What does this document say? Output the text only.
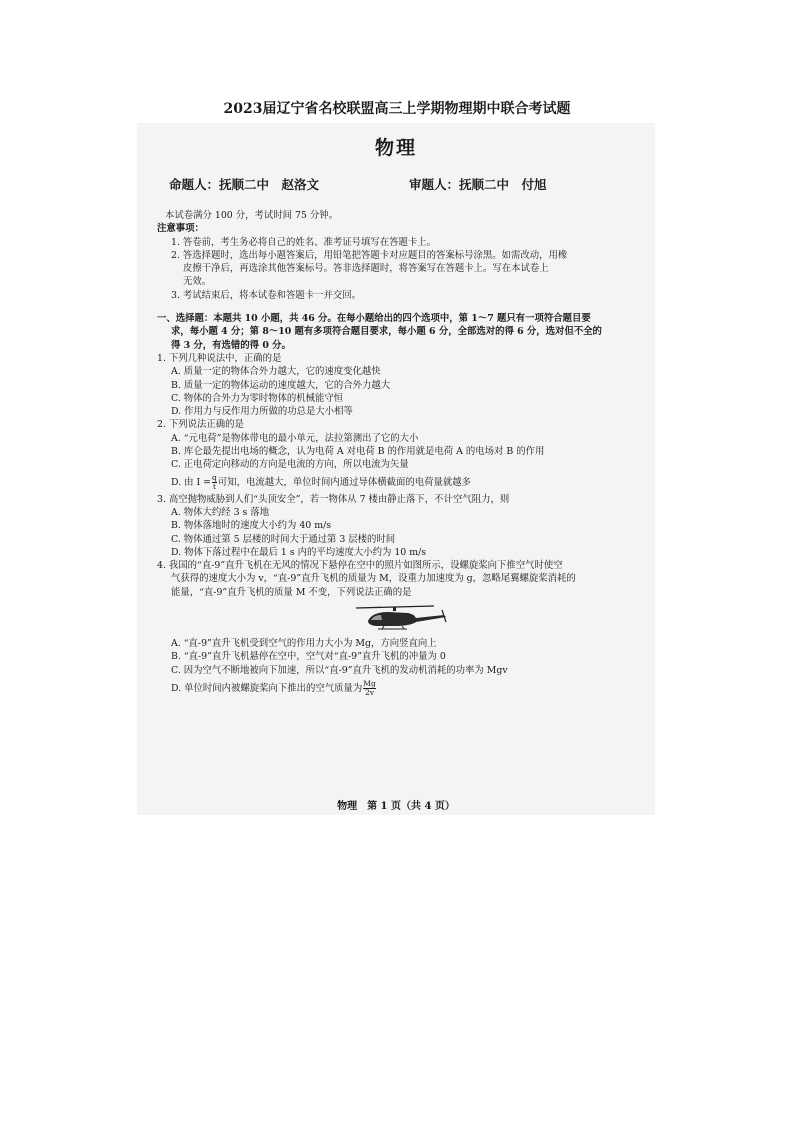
2023届辽宁省名校联盟高三上学期物理期中联合考试题
物理
命题人：抚顺二中　赵洛文	审题人：抚顺二中　付旭

本试卷满分 100 分，考试时间 75 分钟。

注意事项：

1. 答卷前，考生务必将自己的姓名、准考证号填写在答题卡上。

2. 答选择题时，选出每小题答案后，用铅笔把答题卡对应题目的答案标号涂黑。如需改动，用橡

皮擦干净后，再选涂其他答案标号。答非选择题时，将答案写在答题卡上。写在本试卷上

无效。

3. 考试结束后，将本试卷和答题卡一并交回。

一、选择题：本题共 10 小题，共 46 分。在每小题给出的四个选项中，第 1～7 题只有一项符合题目要

求，每小题 4 分；第 8～10 题有多项符合题目要求，每小题 6 分，全部选对的得 6 分，选对但不全的

得 3 分，有选错的得 0 分。

1. 下列几种说法中，正确的是

A. 质量一定的物体合外力越大，它的速度变化越快

B. 质量一定的物体运动的速度越大，它的合外力越大

C. 物体的合外力为零时物体的机械能守恒

D. 作用力与反作用力所做的功总是大小相等

2. 下列说法正确的是

A. “元电荷”是物体带电的最小单元，法拉第测出了它的大小

B. 库仑最先提出电场的概念，认为电荷 A 对电荷 B 的作用就是电荷 A 的电场对 B 的作用

C. 正电荷定向移动的方向是电流的方向，所以电流为矢量

D. 由 $I = \frac{q}{t}$ 可知，电流越大，单位时间内通过导体横截面的电荷量就越多

3. 高空抛物威胁到人们“头顶安全”，若一物体从 7 楼由静止落下，不计空气阻力，则

A. 物体大约经 3 s 落地

B. 物体落地时的速度大小约为 40 m/s

C. 物体通过第 5 层楼的时间大于通过第 3 层楼的时间

D. 物体下落过程中在最后 1 s 内的平均速度大小约为 10 m/s

4. 我国的“直-9”直升飞机在无风的情况下悬停在空中的照片如图所示，设螺旋桨向下推空气时使空

气获得的速度大小为 v，“直-9”直升飞机的质量为 M，设重力加速度为 g，忽略尾翼螺旋桨消耗的

能量，“直-9”直升飞机的质量 M 不变，下列说法正确的是

A. “直-9”直升飞机受到空气的作用力大小为 Mg，方向竖直向上

B. “直-9”直升飞机悬停在空中，空气对“直-9”直升飞机的冲量为 0

C. 因为空气不断地被向下加速，所以“直-9”直升飞机的发动机消耗的功率为 Mgv

D. 单位时间内被螺旋桨向下推出的空气质量为 $\frac{Mg}{2v}$

物理　第 1 页（共 4 页）
